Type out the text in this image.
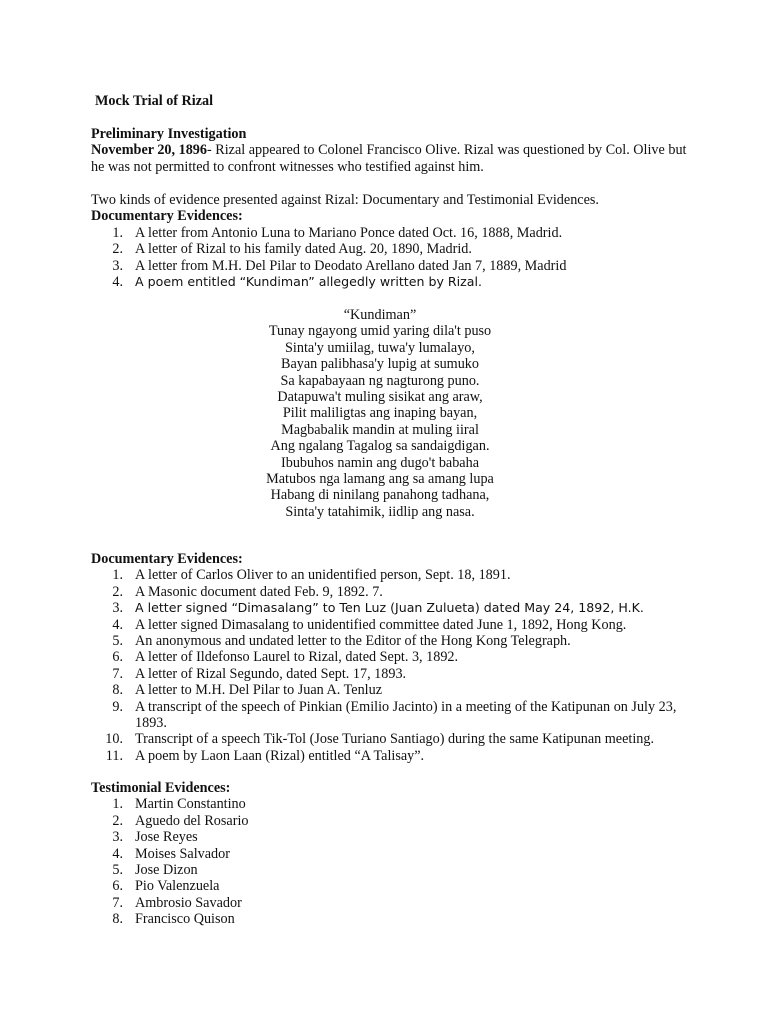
Mock Trial of Rizal
Preliminary Investigation

November 20, 1896- Rizal appeared to Colonel Francisco Olive. Rizal was questioned by Col. Olive but he was not permitted to confront witnesses who testified against him.

Two kinds of evidence presented against Rizal: Documentary and Testimonial Evidences.

Documentary Evidences:
1. A letter from Antonio Luna to Mariano Ponce dated Oct. 16, 1888, Madrid.
2. A letter of Rizal to his family dated Aug. 20, 1890, Madrid.
3. A letter from M.H. Del Pilar to Deodato Arellano dated Jan 7, 1889, Madrid
4. A poem entitled “Kundiman” allegedly written by Rizal.
“Kundiman”
Tunay ngayong umid yaring dila't puso
Sinta'y umiilag, tuwa'y lumalayo,
Bayan palibhasa'y lupig at sumuko
Sa kapabayaan ng nagturong puno.
Datapuwa't muling sisikat ang araw,
Pilit maliligtas ang inaping bayan,
Magbabalik mandin at muling iiral
Ang ngalang Tagalog sa sandaigdigan.
Ibubuhos namin ang dugo't babaha
Matubos nga lamang ang sa amang lupa
Habang di ninilang panahong tadhana,
Sinta'y tatahimik, iidlip ang nasa.
Documentary Evidences:
1. A letter of Carlos Oliver to an unidentified person, Sept. 18, 1891.
2. A Masonic document dated Feb. 9, 1892. 7.
3. A letter signed “Dimasalang” to Ten Luz (Juan Zulueta) dated May 24, 1892, H.K.
4. A letter signed Dimasalang to unidentified committee dated June 1, 1892, Hong Kong.
5. An anonymous and undated letter to the Editor of the Hong Kong Telegraph.
6. A letter of Ildefonso Laurel to Rizal, dated Sept. 3, 1892.
7. A letter of Rizal Segundo, dated Sept. 17, 1893.
8. A letter to M.H. Del Pilar to Juan A. Tenluz
9. A transcript of the speech of Pinkian (Emilio Jacinto) in a meeting of the Katipunan on July 23, 1893.
10. Transcript of a speech Tik-Tol (Jose Turiano Santiago) during the same Katipunan meeting.
11. A poem by Laon Laan (Rizal) entitled “A Talisay”.
Testimonial Evidences:
1. Martin Constantino
2. Aguedo del Rosario
3. Jose Reyes
4. Moises Salvador
5. Jose Dizon
6. Pio Valenzuela
7. Ambrosio Savador
8. Francisco Quison
